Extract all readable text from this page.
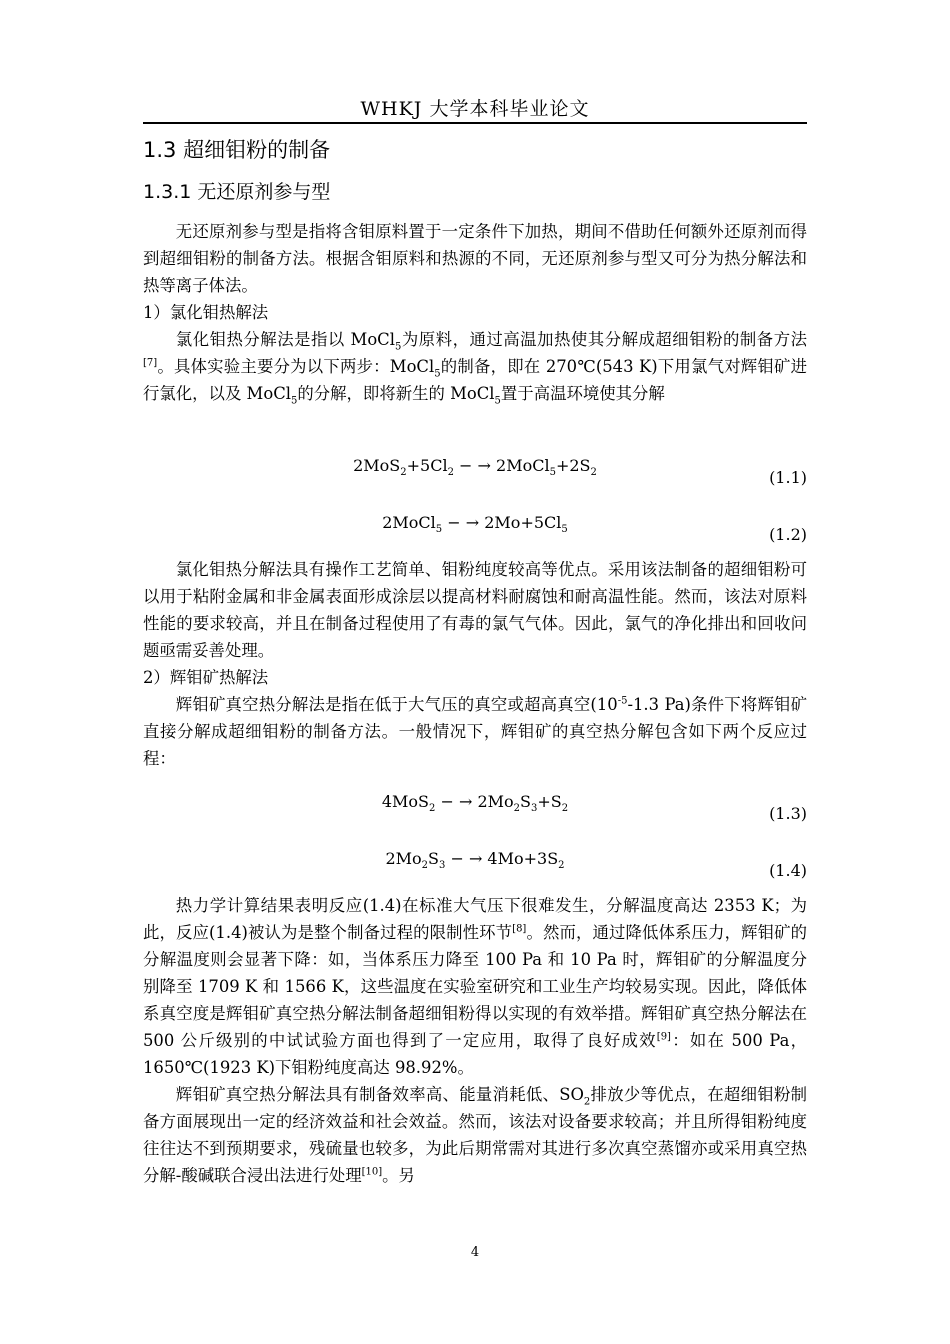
WHKJ 大学本科毕业论文
1.3 超细钼粉的制备
1.3.1 无还原剂参与型

无还原剂参与型是指将含钼原料置于一定条件下加热，期间不借助任何额外还原剂而得到超细钼粉的制备方法。根据含钼原料和热源的不同，无还原剂参与型又可分为热分解法和热等离子体法。

1）氯化钼热解法

氯化钼热分解法是指以 MoCl$_5$为原料，通过高温加热使其分解成超细钼粉的制备方法[7]。具体实验主要分为以下两步：MoCl$_5$的制备，即在 270℃(543 K)下用氯气对辉钼矿进行氯化，以及 MoCl$_5$的分解，即将新生的 MoCl$_5$置于高温环境使其分解

$2MoS_2+5Cl_2$ − → $2MoCl_5+2S_2$	(1.1)
2MoCl$_5$ − → $2Mo+5Cl_5$	(1.2)

氯化钼热分解法具有操作工艺简单、钼粉纯度较高等优点。采用该法制备的超细钼粉可以用于粘附金属和非金属表面形成涂层以提高材料耐腐蚀和耐高温性能。然而，该法对原料性能的要求较高，并且在制备过程使用了有毒的氯气气体。因此，氯气的净化排出和回收问题亟需妥善处理。

2）辉钼矿热解法

辉钼矿真空热分解法是指在低于大气压的真空或超高真空($10^{-5}-1.3$ Pa)条件下将辉钼矿直接分解成超细钼粉的制备方法。一般情况下，辉钼矿的真空热分解包含如下两个反应过程：

4MoS$_2$ − → $2Mo_2S_3+S_2$	(1.3)
$2Mo_2S_3$ − → $4Mo+3S_2$	(1.4)

热力学计算结果表明反应(1.4)在标准大气压下很难发生，分解温度高达 2353 K；为此，反应(1.4)被认为是整个制备过程的限制性环节[8]。然而，通过降低体系压力，辉钼矿的分解温度则会显著下降：如，当体系压力降至 100 Pa 和 10 Pa 时，辉钼矿的分解温度分别降至 1709 K 和 1566 K，这些温度在实验室研究和工业生产均较易实现。因此，降低体系真空度是辉钼矿真空热分解法制备超细钼粉得以实现的有效举措。辉钼矿真空热分解法在 500 公斤级别的中试试验方面也得到了一定应用，取得了良好成效[9]：如在 500 Pa，1650℃(1923 K)下钼粉纯度高达 98.92%。

辉钼矿真空热分解法具有制备效率高、能量消耗低、$SO_2$排放少等优点，在超细钼粉制备方面展现出一定的经济效益和社会效益。然而，该法对设备要求较高；并且所得钼粉纯度往往达不到预期要求，残硫量也较多，为此后期常需对其进行多次真空蒸馏亦或采用真空热分解-酸碱联合浸出法进行处理[10]。另

4
